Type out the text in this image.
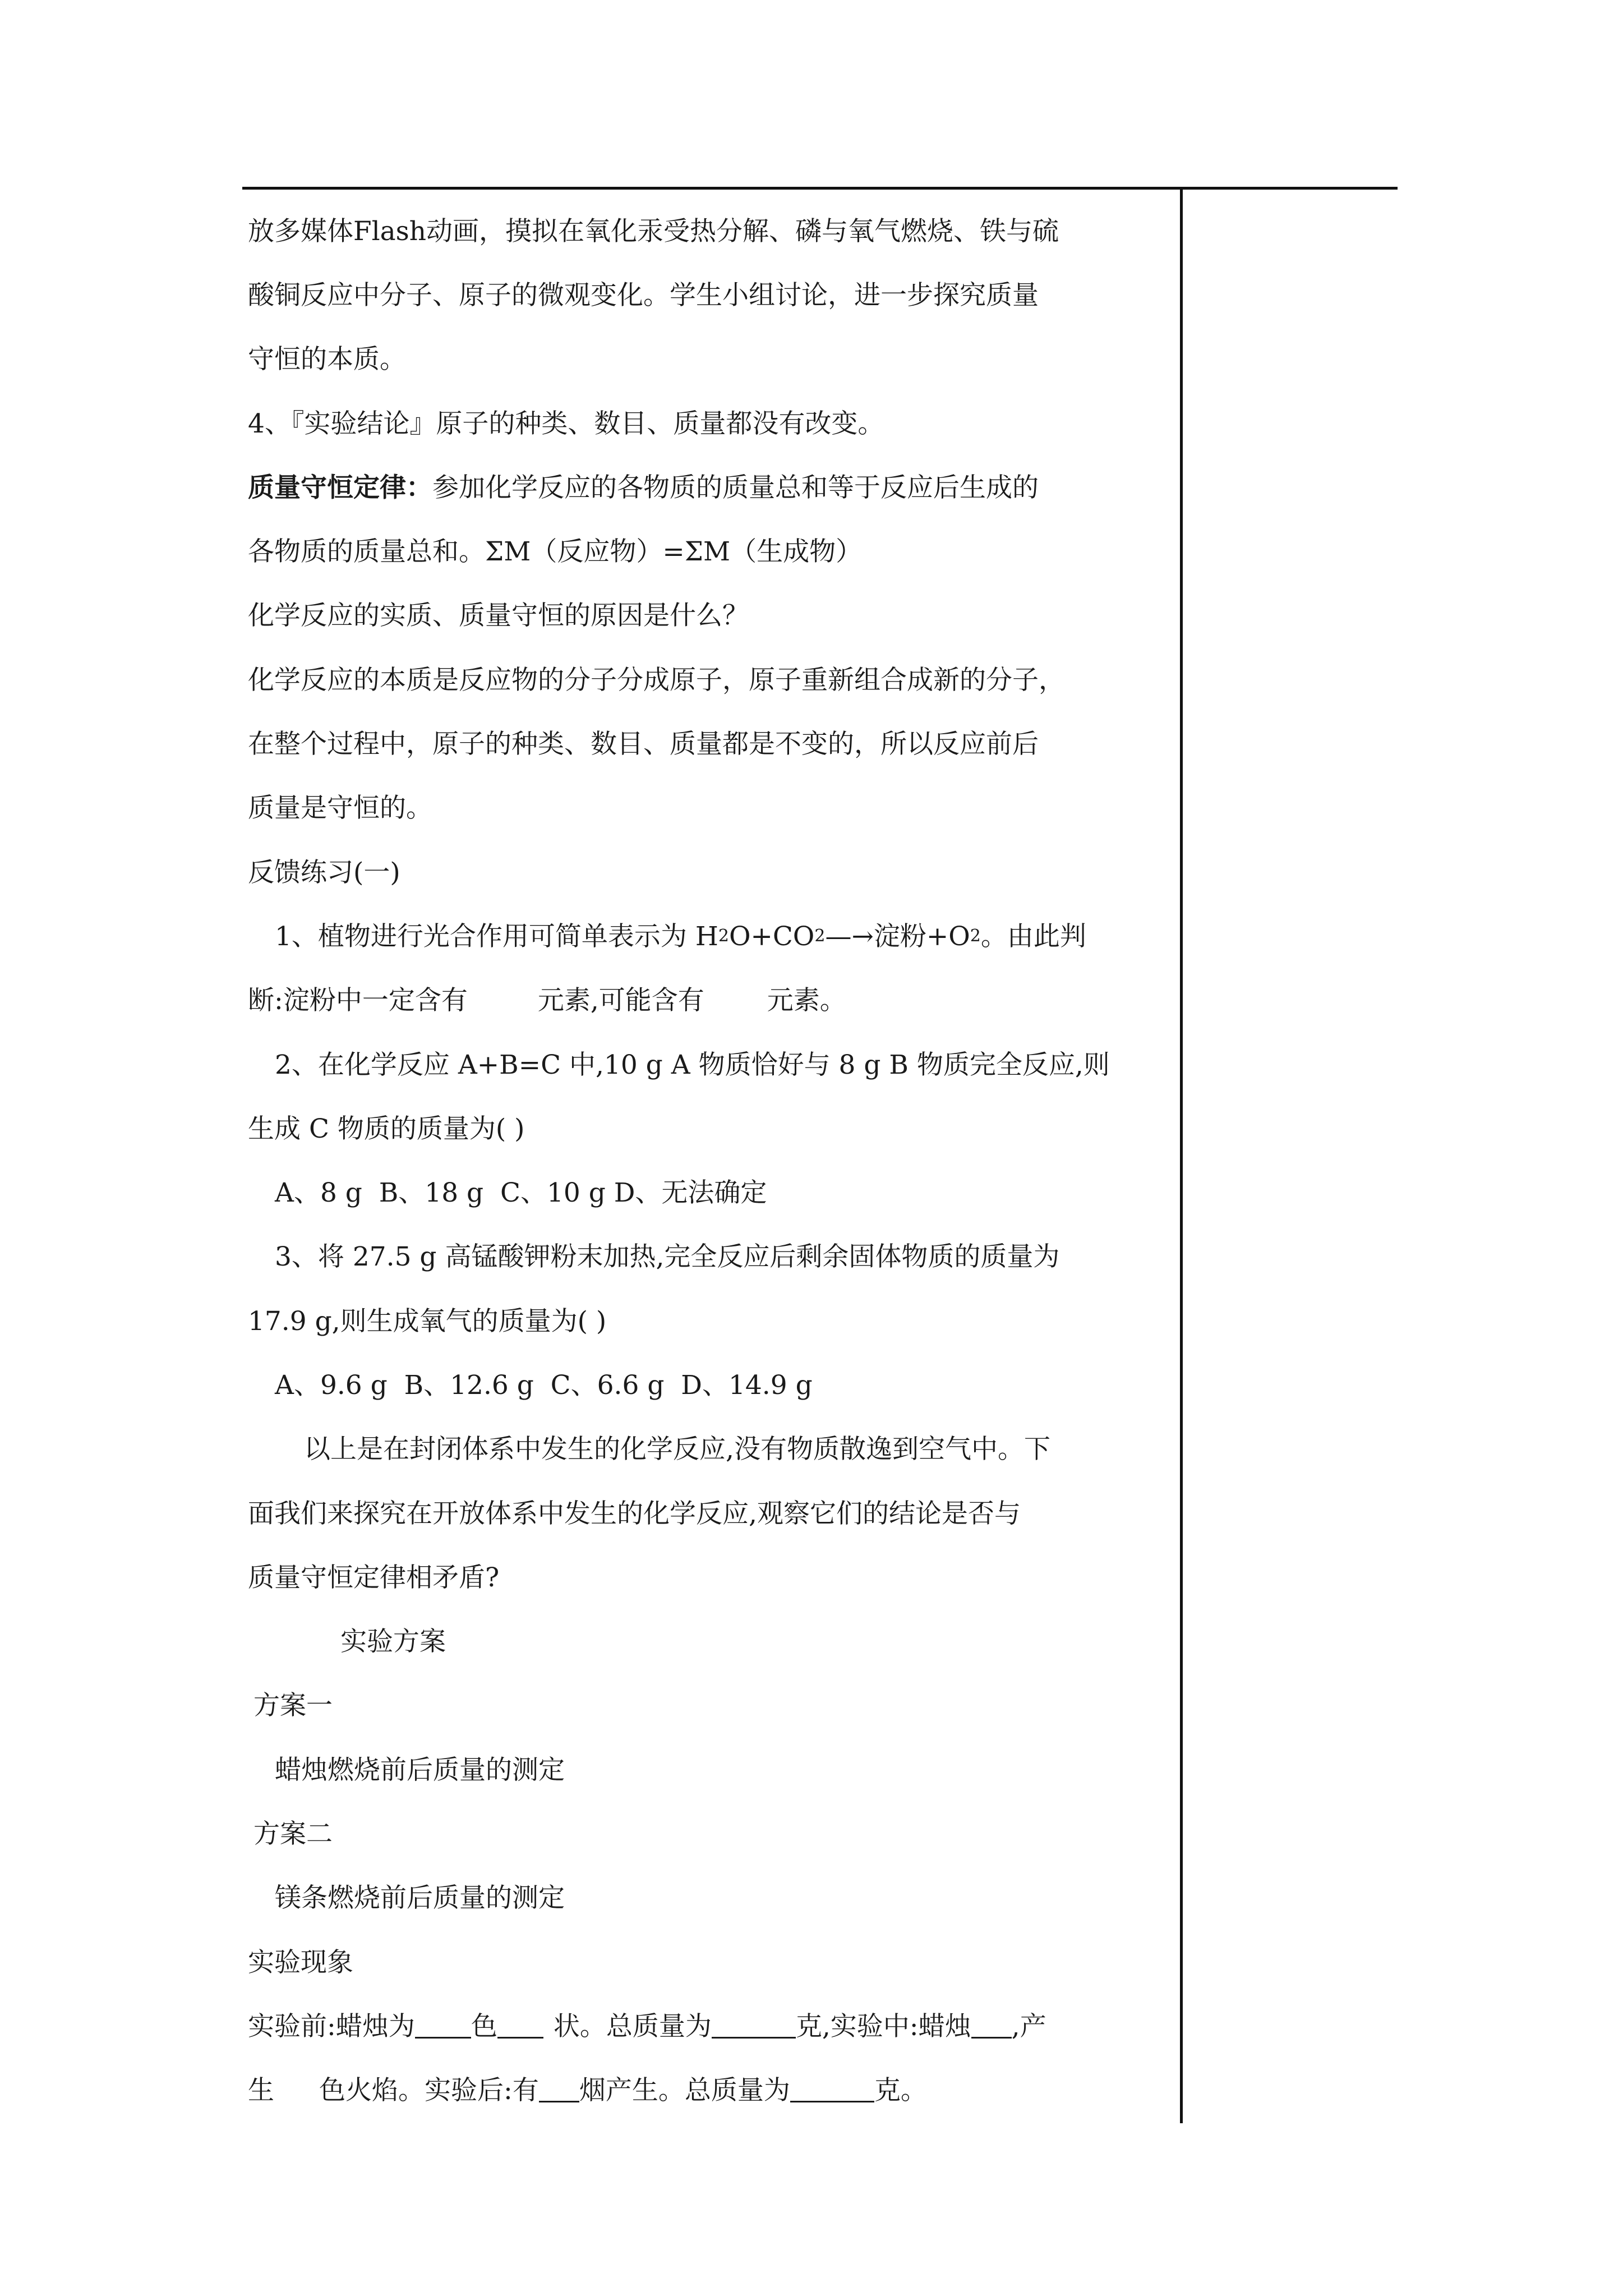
放多媒体Flash动画，摸拟在氧化汞受热分解、磷与氧气燃烧、铁与硫
酸铜反应中分子、原子的微观变化。学生小组讨论，进一步探究质量
守恒的本质。
4、『实验结论』原子的种类、数目、质量都没有改变。
质量守恒定律： 参加化学反应的各物质的质量总和等于反应后生成的
各物质的质量总和。ΣM（反应物）=ΣM（生成物）
化学反应的实质、质量守恒的原因是什么？
化学反应的本质是反应物的分子分成原子，原子重新组合成新的分子，
在整个过程中，原子的种类、数目、质量都是不变的，所以反应前后
质量是守恒的。
反馈练习(一)
1、植物进行光合作用可简单表示为 H 2 O+CO 2 —→淀粉+O 2 。由此判
断:淀粉中一定含有	元素,可能含有 元素。
2、在化学反应 A+B=C 中,10 g A 物质恰好与 8 g B 物质完全反应,则
生成 C 物质的质量为( )
A、8 g  B、18 g  C、10 g D、无法确定
3、将 27.5 g 高锰酸钾粉末加热,完全反应后剩余固体物质的质量为
17.9 g,则生成氧气的质量为( )
A、9.6 g  B、12.6 g  C、6.6 g  D、14.9 g
以上是在封闭体系中发生的化学反应,没有物质散逸到空气中。下
面我们来探究在开放体系中发生的化学反应,观察它们的结论是否与
质量守恒定律相矛盾?
实验方案
方案一
蜡烛燃烧前后质量的测定
方案二
镁条燃烧前后质量的测定
实验现象
实验前:蜡烛为 色 状。总质量为	克,实验中:蜡烛 ,产
生 色火焰。实验后:有 烟产生。总质量为	克。
